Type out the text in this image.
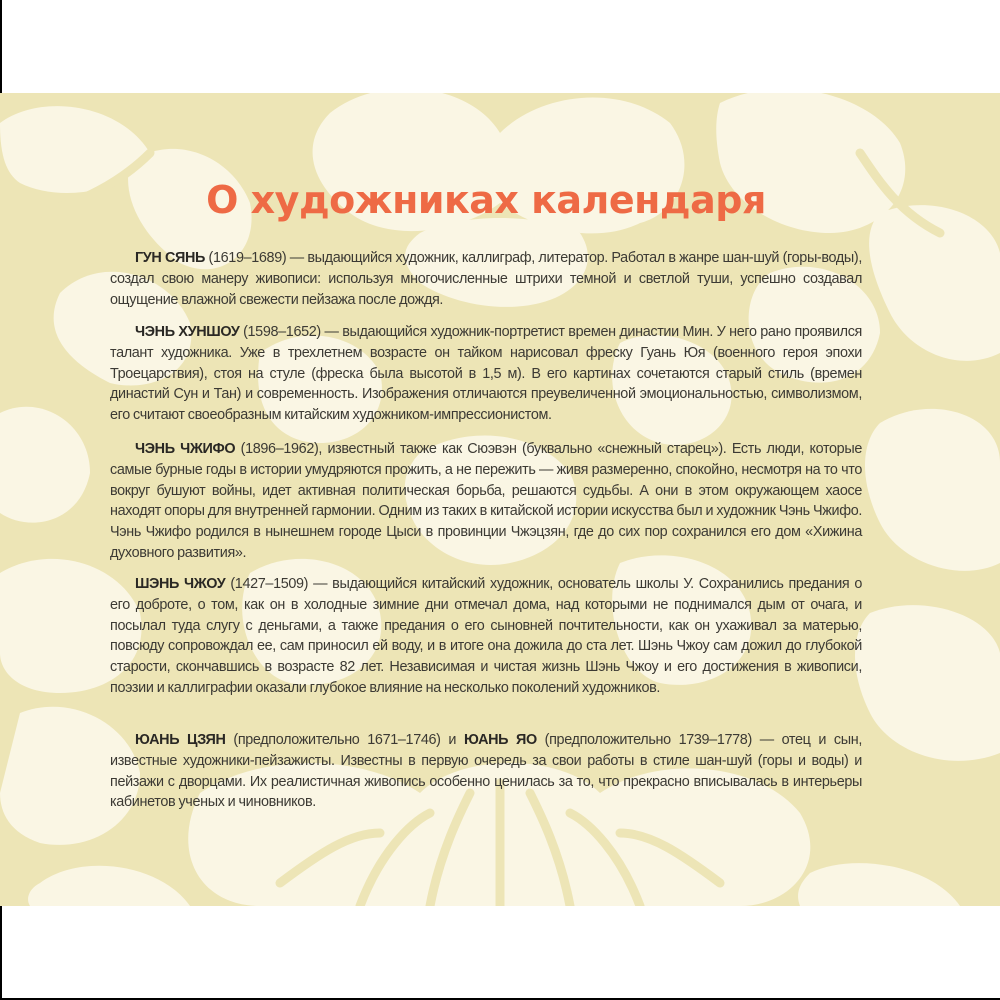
О художниках календаря

ГУН СЯНЬ (1619–1689) — выдающийся художник, каллиграф, литератор. Работал в жанре шан-шуй (горы-воды), создал свою манеру живописи: используя многочисленные штрихи темной и светлой туши, успешно создавал ощущение влажной свежести пейзажа после дождя.

ЧЭНЬ ХУНШОУ (1598–1652) — выдающийся художник-портретист времен династии Мин. У него рано проявился талант художника. Уже в трехлетнем возрасте он тайком нарисовал фреску Гуань Юя (военного героя эпохи Троецарствия), стоя на стуле (фреска была высотой в 1,5 м). В его картинах сочетаются старый стиль (времен династий Сун и Тан) и современность. Изображения отличаются преувеличенной эмоциональностью, символизмом, его считают своеобразным китайским художником-импрессионистом.

ЧЭНЬ ЧЖИФО (1896–1962), известный также как Сюэвэн (буквально «снежный старец»). Есть люди, которые самые бурные годы в истории умудряются прожить, а не пережить — живя размеренно, спокойно, несмотря на то что вокруг бушуют войны, идет активная политическая борьба, решаются судьбы. А они в этом окружающем хаосе находят опоры для внутренней гармонии. Одним из таких в китайской истории искусства был и художник Чэнь Чжифо. Чэнь Чжифо родился в нынешнем городе Цыси в провинции Чжэцзян, где до сих пор сохранился его дом «Хижина духовного развития».

ШЭНЬ ЧЖОУ (1427–1509) — выдающийся китайский художник, основатель школы У. Сохранились предания о его доброте, о том, как он в холодные зимние дни отмечал дома, над которыми не поднимался дым от очага, и посылал туда слугу с деньгами, а также предания о его сыновней почтительности, как он ухаживал за матерью, повсюду сопровождал ее, сам приносил ей воду, и в итоге она дожила до ста лет. Шэнь Чжоу сам дожил до глубокой старости, скончавшись в возрасте 82 лет. Независимая и чистая жизнь Шэнь Чжоу и его достижения в живописи, поэзии и каллиграфии оказали глубокое влияние на несколько поколений художников.

ЮАНЬ ЦЗЯН (предположительно 1671–1746) и ЮАНЬ ЯО (предположительно 1739–1778) — отец и сын, известные художники-пейзажисты. Известны в первую очередь за свои работы в стиле шан-шуй (горы и воды) и пейзажи с дворцами. Их реалистичная живопись особенно ценилась за то, что прекрасно вписывалась в интерьеры кабинетов ученых и чиновников.
